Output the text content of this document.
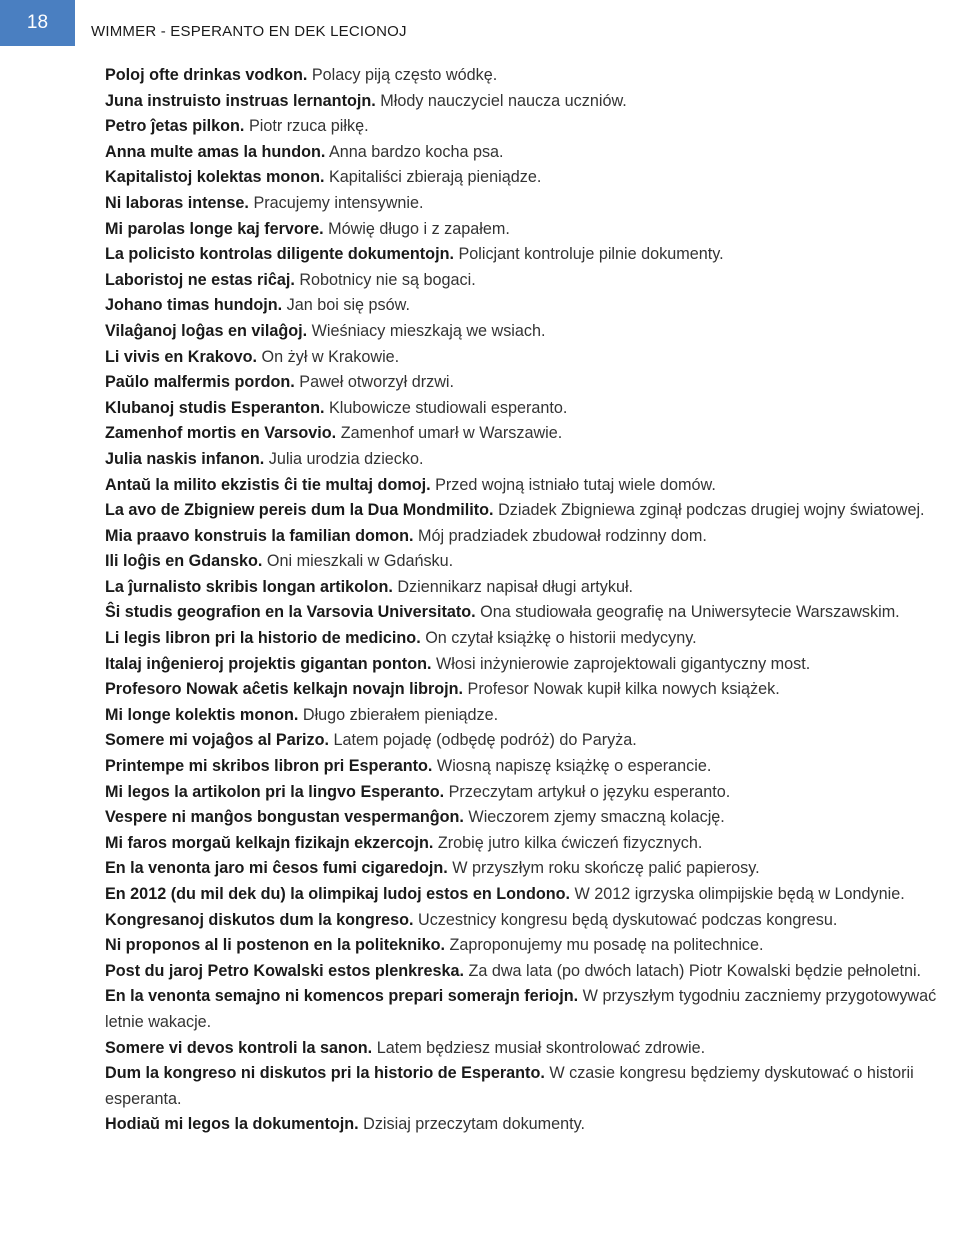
18	WIMMER - ESPERANTO EN DEK LECIONOJ

Poloj ofte drinkas vodkon. Polacy piją często wódkę.

Juna instruisto instruas lernantojn. Młody nauczyciel naucza uczniów.

Petro ĵetas pilkon. Piotr rzuca piłkę.

Anna multe amas la hundon. Anna bardzo kocha psa.

Kapitalistoj kolektas monon. Kapitaliści zbierają pieniądze.

Ni laboras intense. Pracujemy intensywnie.

Mi parolas longe kaj fervore. Mówię długo i z zapałem.

La policisto kontrolas diligente dokumentojn. Policjant kontroluje pilnie dokumenty.

Laboristoj ne estas riĉaj. Robotnicy nie są bogaci.

Johano timas hundojn. Jan boi się psów.

Vilaĝanoj loĝas en vilaĝoj. Wieśniacy mieszkają we wsiach.

Li vivis en Krakovo. On żył w Krakowie.

Paŭlo malfermis pordon. Paweł otworzył drzwi.

Klubanoj studis Esperanton. Klubowicze studiowali esperanto.

Zamenhof mortis en Varsovio. Zamenhof umarł w Warszawie.

Julia naskis infanon. Julia urodzia dziecko.

Antaŭ la milito ekzistis ĉi tie multaj domoj. Przed wojną istniało tutaj wiele domów.

La avo de Zbigniew pereis dum la Dua Mondmilito. Dziadek Zbigniewa zginął podczas drugiej wojny światowej.

Mia praavo konstruis la familian domon. Mój pradziadek zbudował rodzinny dom.

Ili loĝis en Gdansko. Oni mieszkali w Gdańsku.

La ĵurnalisto skribis longan artikolon. Dziennikarz napisał długi artykuł.

Ŝi studis geografion en la Varsovia Universitato. Ona studiowała geografię na Uniwersytecie Warszawskim.

Li legis libron pri la historio de medicino. On czytał książkę o historii medycyny.

Italaj inĝenieroj projektis gigantan ponton. Włosi inżynierowie zaprojektowali gigantyczny most.

Profesoro Nowak aĉetis kelkajn novajn librojn. Profesor Nowak kupił kilka nowych książek.

Mi longe kolektis monon. Długo zbierałem pieniądze.

Somere mi vojaĝos al Parizo. Latem pojadę (odbędę podróż) do Paryża.

Printempe mi skribos libron pri Esperanto. Wiosną napiszę książkę o esperancie.

Mi legos la artikolon pri la lingvo Esperanto. Przeczytam artykuł o języku esperanto.

Vespere ni manĝos bongustan vespermanĝon. Wieczorem zjemy smaczną kolację.

Mi faros morgaŭ kelkajn fizikajn ekzercojn. Zrobię jutro kilka ćwiczeń fizycznych.

En la venonta jaro mi ĉesos fumi cigaredojn. W przyszłym roku skończę palić papierosy.

En 2012 (du mil dek du) la olimpikaj ludoj estos en Londono. W 2012 igrzyska olimpijskie będą w Londynie.

Kongresanoj diskutos dum la kongreso. Uczestnicy kongresu będą dyskutować podczas kongresu.

Ni proponos al li postenon en la politekniko. Zaproponujemy mu posadę na politechnice.

Post du jaroj Petro Kowalski estos plenkreska. Za dwa lata (po dwóch latach) Piotr Kowalski będzie pełnoletni.

En la venonta semajno ni komencos prepari somerajn feriojn. W przyszłym tygodniu zaczniemy przygotowywać letnie wakacje.

Somere vi devos kontroli la sanon. Latem będziesz musiał skontrolować zdrowie.

Dum la kongreso ni diskutos pri la historio de Esperanto. W czasie kongresu będziemy dyskutować o historii esperanta.

Hodiaŭ mi legos la dokumentojn. Dzisiaj przeczytam dokumenty.
